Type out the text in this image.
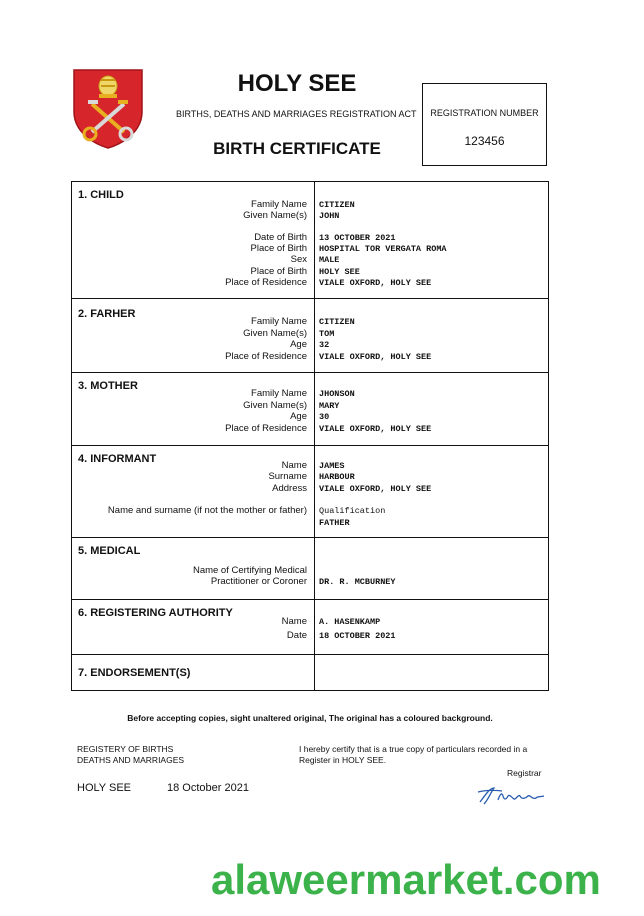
HOLY SEE
BIRTHS, DEATHS AND MARRIAGES REGISTRATION ACT
BIRTH CERTIFICATE
REGISTRATION NUMBER
123456
1. CHILD
Family Name CITIZEN
Given Name(s) JOHN
Date of Birth 13 OCTOBER 2021
Place of Birth HOSPITAL TOR VERGATA ROMA
Sex MALE
Place of Birth HOLY SEE
Place of Residence VIALE OXFORD, HOLY SEE
2. FARHER
Family Name CITIZEN
Given Name(s) TOM
Age 32
Place of Residence VIALE OXFORD, HOLY SEE
3. MOTHER
Family Name JHONSON
Given Name(s) MARY
Age 30
Place of Residence VIALE OXFORD, HOLY SEE
4. INFORMANT
Name JAMES
Surname HARBOUR
Address VIALE OXFORD, HOLY SEE
Name and surname (if not the mother or father) Qualification
FATHER
5. MEDICAL
Name of Certifying Medical
Practitioner or Coroner DR. R. MCBURNEY
6. REGISTERING AUTHORITY
Name A. HASENKAMP
Date 18 OCTOBER 2021
7. ENDORSEMENT(S)
Before accepting copies, sight unaltered original, The original has a coloured background.
REGISTERY OF BIRTHS
DEATHS AND MARRIAGES
I hereby certify that is a true copy of particulars recorded in a
Register in HOLY SEE.
Registrar
HOLY SEE	18 October 2021
alaweermarket.com
